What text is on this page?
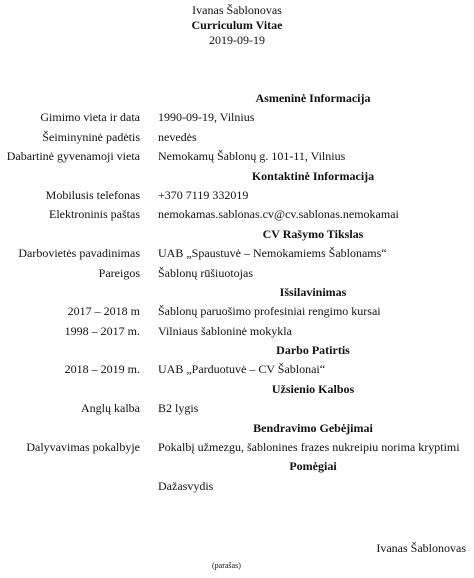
Ivanas Šablonovas
Curriculum Vitae
2019-09-19
Asmeninė Informacija
Gimimo vieta ir data 1990-09-19, Vilnius
Šeiminyninė padėtis nevedės
Dabartinė gyvenamoji vieta Nemokamų Šablonų g. 101-11, Vilnius
Kontaktinė Informacija
Mobilusis telefonas +370 7119 332019
Elektroninis paštas nemokamas.sablonas.cv@cv.sablonas.nemokamai
CV Rašymo Tikslas
Darbovietės pavadinimas UAB „Spaustuvė – Nemokamiems Šablonams“
Pareigos Šablonų rūšiuotojas
Išsilavinimas
2017 – 2018 m Šablonų paruošimo profesiniai rengimo kursai
1998 – 2017 m. Vilniaus šabloninė mokykla
Darbo Patirtis
2018 – 2019 m. UAB „Parduotuvė – CV Šablonai“
Užsienio Kalbos
Anglų kalba B2 lygis
Bendravimo Gebėjimai
Dalyvavimas pokalbyje Pokalbį užmezgu, šablonines frazes nukreipiu norima kryptimi
Pomėgiai
Dažasvydis
Ivanas Šablonovas
(parašas)
